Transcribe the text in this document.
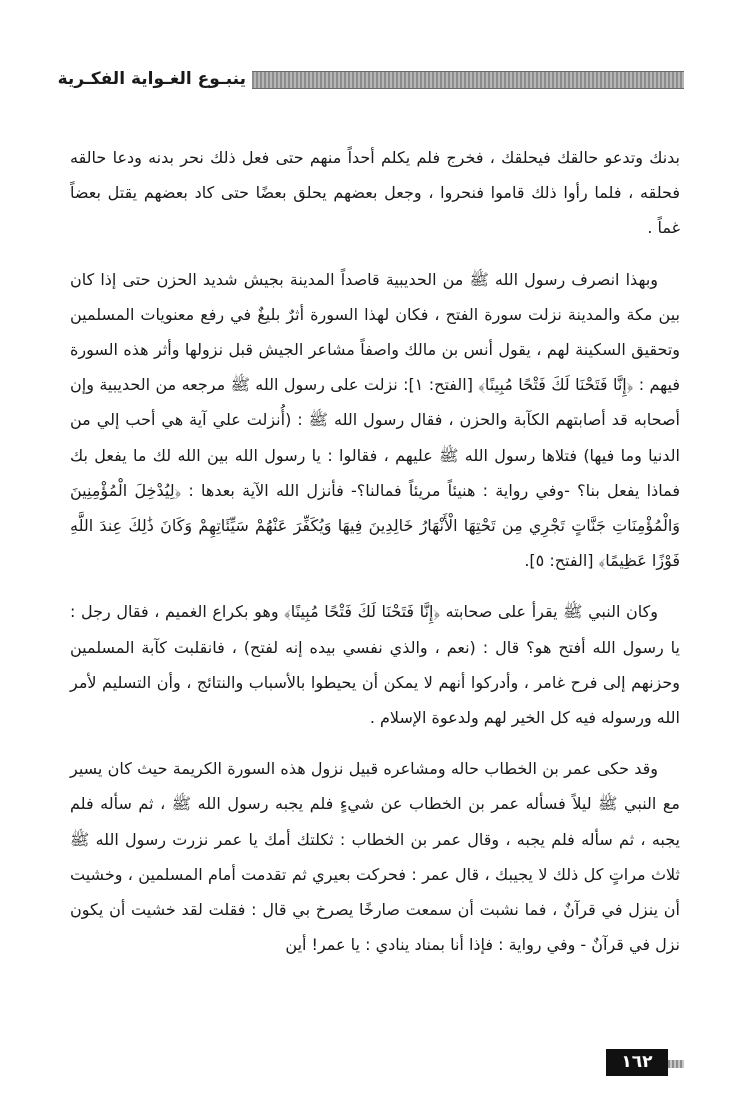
ينبـوع الغـواية الفكـرية

بدنك وتدعو حالقك فيحلقك ، فخرج فلم يكلم أحداً منهم حتى فعل ذلك نحر بدنه ودعا حالقه فحلقه ، فلما رأوا ذلك قاموا فنحروا ، وجعل بعضهم يحلق بعضًا حتى كاد بعضهم يقتل بعضاً غماً .

وبهذا انصرف رسول الله ﷺ من الحديبية قاصداً المدينة بجيش شديد الحزن حتى إذا كان بين مكة والمدينة نزلت سورة الفتح ، فكان لهذا السورة أثرٌ بليغٌ في رفع معنويات المسلمين وتحقيق السكينة لهم ، يقول أنس بن مالك واصفاً مشاعر الجيش قبل نزولها وأثر هذه السورة فيهم : ﴿إِنَّا فَتَحْنَا لَكَ فَتْحًا مُبِينًا﴾ [الفتح: ١]: نزلت على رسول الله ﷺ مرجعه من الحديبية وإن أصحابه قد أصابتهم الكآبة والحزن ، فقال رسول الله ﷺ : (أُنزلت علي آية هي أحب إلي من الدنيا وما فيها) فتلاها رسول الله ﷺ عليهم ، فقالوا : يا رسول الله بين الله لك ما يفعل بك فماذا يفعل بنا؟ -وفي رواية : هنيئاً مريئاً فمالنا؟- فأنزل الله الآية بعدها : ﴿لِيُدْخِلَ الْمُؤْمِنِينَ وَالْمُؤْمِنَاتِ جَنَّاتٍ تَجْرِي مِن تَحْتِهَا الْأَنْهَارُ خَالِدِينَ فِيهَا وَيُكَفِّرَ عَنْهُمْ سَيِّئَاتِهِمْ وَكَانَ ذَٰلِكَ عِندَ اللَّهِ فَوْزًا عَظِيمًا﴾ [الفتح: ٥].

وكان النبي ﷺ يقرأ على صحابته ﴿إِنَّا فَتَحْنَا لَكَ فَتْحًا مُبِينًا﴾ وهو بكراع الغميم ، فقال رجل : يا رسول الله أفتح هو؟ قال : (نعم ، والذي نفسي بيده إنه لفتح) ، فانقلبت كآبة المسلمين وحزنهم إلى فرح غامر ، وأدركوا أنهم لا يمكن أن يحيطوا بالأسباب والنتائج ، وأن التسليم لأمر الله ورسوله فيه كل الخير لهم ولدعوة الإسلام .

وقد حكى عمر بن الخطاب حاله ومشاعره قبيل نزول هذه السورة الكريمة حيث كان يسير مع النبي ﷺ ليلاً فسأله عمر بن الخطاب عن شيءٍ فلم يجبه رسول الله ﷺ ، ثم سأله فلم يجبه ، ثم سأله فلم يجبه ، وقال عمر بن الخطاب : ثكلتك أمك يا عمر نزرت رسول الله ﷺ ثلاث مراتٍ كل ذلك لا يجيبك ، قال عمر : فحركت بعيري ثم تقدمت أمام المسلمين ، وخشيت أن ينزل في قرآنٌ ، فما نشبت أن سمعت صارخًا يصرخ بي قال : فقلت لقد خشيت أن يكون نزل في قرآنٌ - وفي رواية : فإذا أنا بمناد ينادي : يا عمر! أين

١٦٢
